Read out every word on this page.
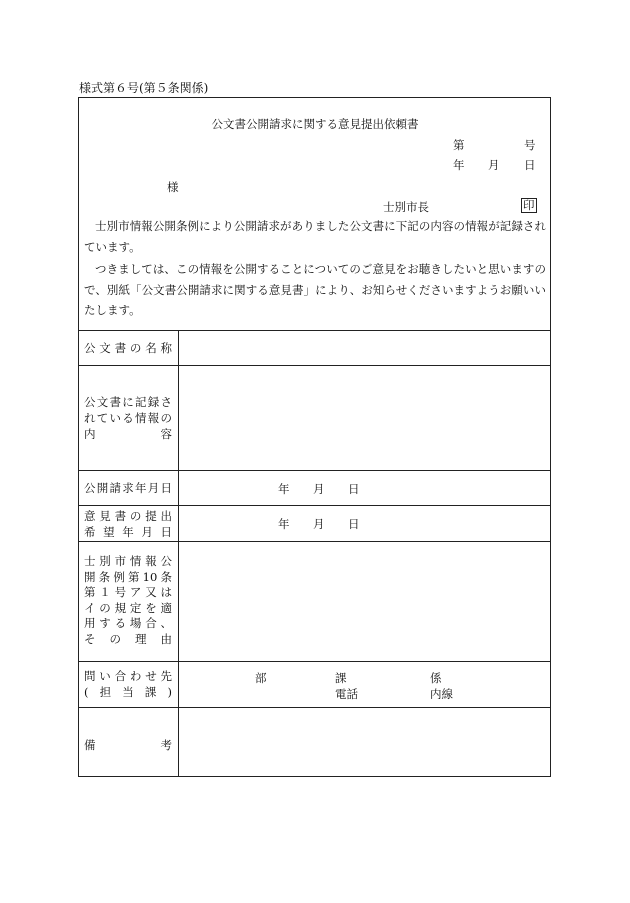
様式第６号(第５条関係)
公文書公開請求に関する意見提出依頼書
第	号
年 月 日
様
士別市長	印
士別市情報公開条例により公開請求がありました公文書に下記の内容の情報が記録されています。
つきましては、この情報を公開することについてのご意見をお聴きしたいと思いますので、別紙「公文書公開請求に関する意見書」により、お知らせくださいますようお願いいたします。
公文書の名称
公文書に記録さ
れている情報の
内容
公開請求年月日	年 月 日
意見書の提出
希望年月日
年 月 日
士別市情報公
開条例第10条
第１号ア又は
イの規定を適
用する場合、
その理由
問い合わせ先
(担当課)
部	課	係
電話	内線
備考
